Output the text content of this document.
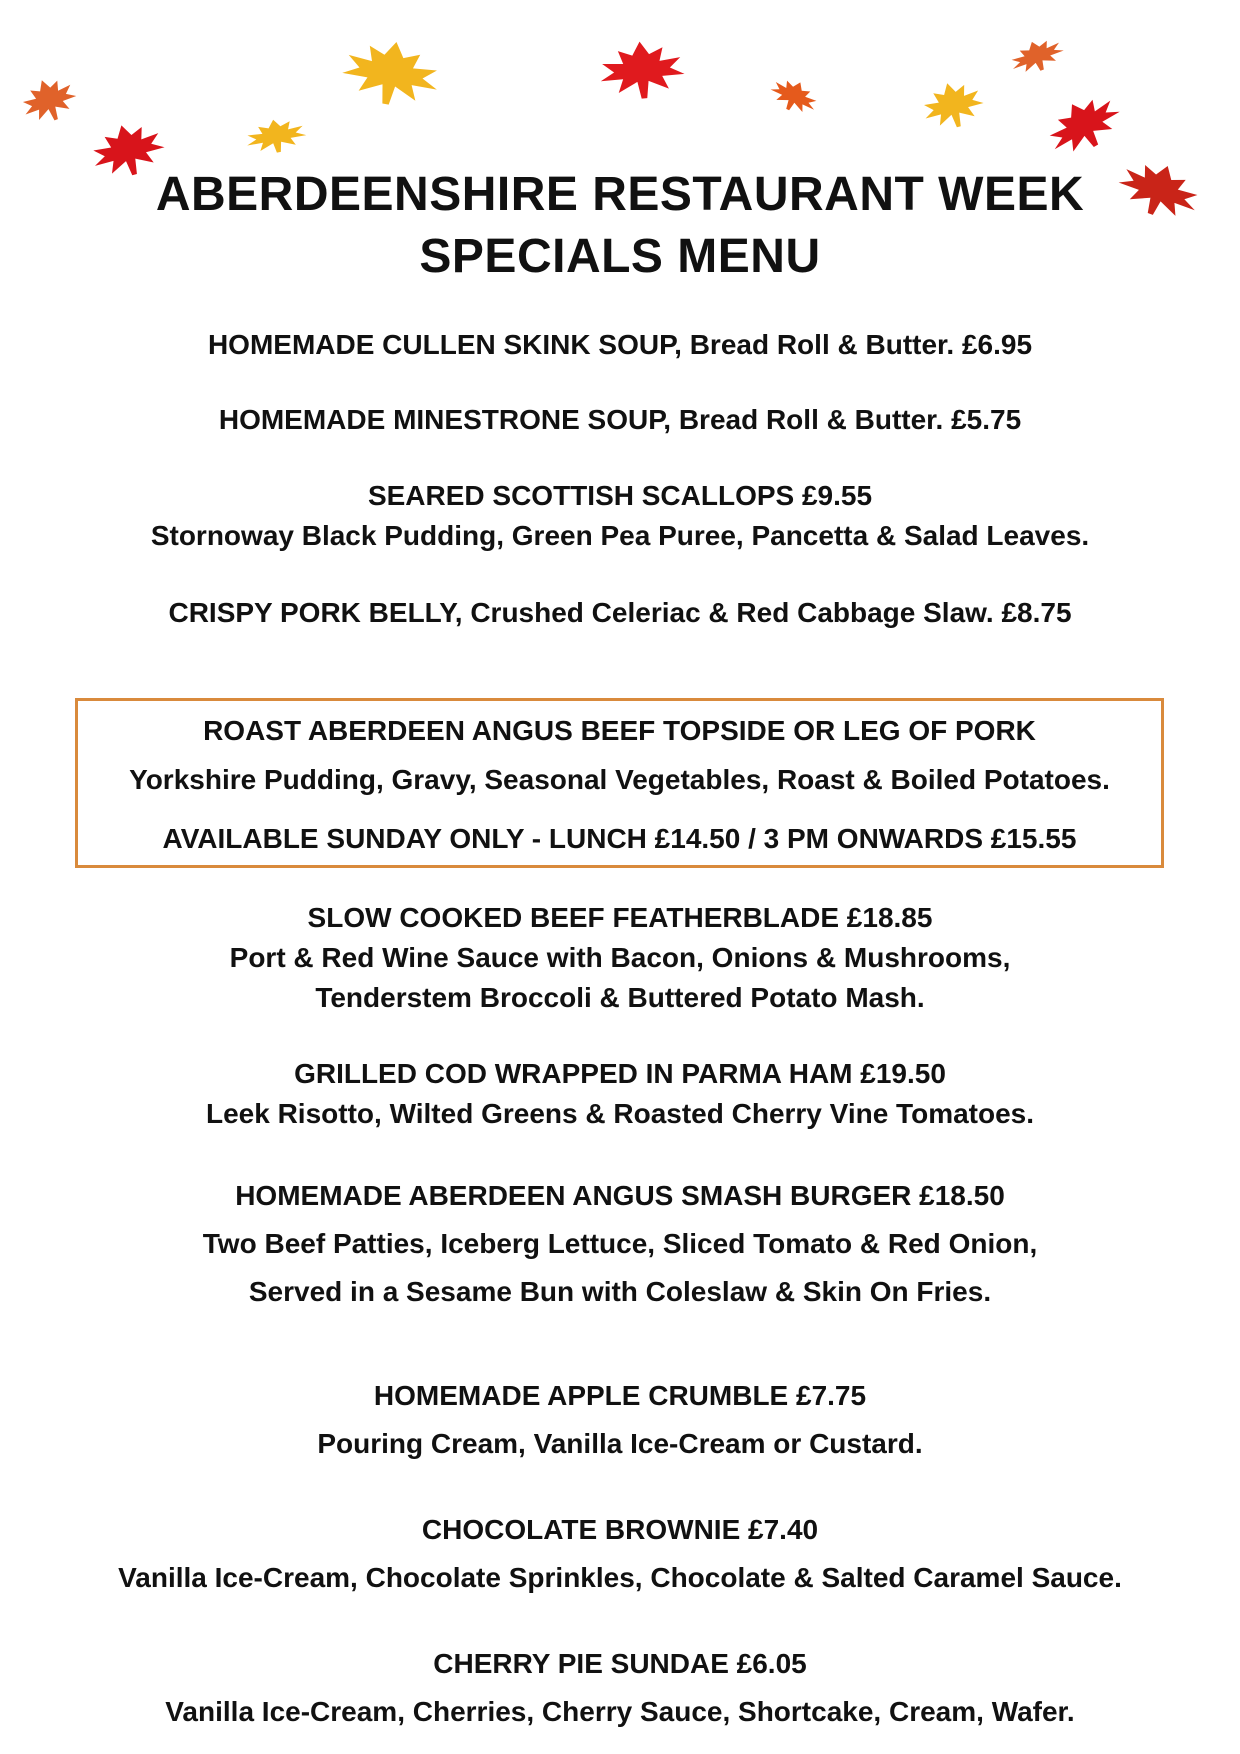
ABERDEENSHIRE RESTAURANT WEEK
SPECIALS MENU
HOMEMADE CULLEN SKINK SOUP, Bread Roll & Butter. £6.95
HOMEMADE MINESTRONE SOUP, Bread Roll & Butter. £5.75
SEARED SCOTTISH SCALLOPS £9.55
Stornoway Black Pudding, Green Pea Puree, Pancetta & Salad Leaves.
CRISPY PORK BELLY, Crushed Celeriac & Red Cabbage Slaw. £8.75
ROAST ABERDEEN ANGUS BEEF TOPSIDE OR LEG OF PORK
Yorkshire Pudding, Gravy, Seasonal Vegetables, Roast & Boiled Potatoes.
AVAILABLE SUNDAY ONLY - LUNCH £14.50 / 3 PM ONWARDS £15.55
SLOW COOKED BEEF FEATHERBLADE £18.85
Port & Red Wine Sauce with Bacon, Onions & Mushrooms,
Tenderstem Broccoli & Buttered Potato Mash.
GRILLED COD WRAPPED IN PARMA HAM £19.50
Leek Risotto, Wilted Greens & Roasted Cherry Vine Tomatoes.
HOMEMADE ABERDEEN ANGUS SMASH BURGER £18.50
Two Beef Patties, Iceberg Lettuce, Sliced Tomato & Red Onion,
Served in a Sesame Bun with Coleslaw & Skin On Fries.
HOMEMADE APPLE CRUMBLE £7.75
Pouring Cream, Vanilla Ice-Cream or Custard.
CHOCOLATE BROWNIE £7.40
Vanilla Ice-Cream, Chocolate Sprinkles, Chocolate & Salted Caramel Sauce.
CHERRY PIE SUNDAE £6.05
Vanilla Ice-Cream, Cherries, Cherry Sauce, Shortcake, Cream, Wafer.
